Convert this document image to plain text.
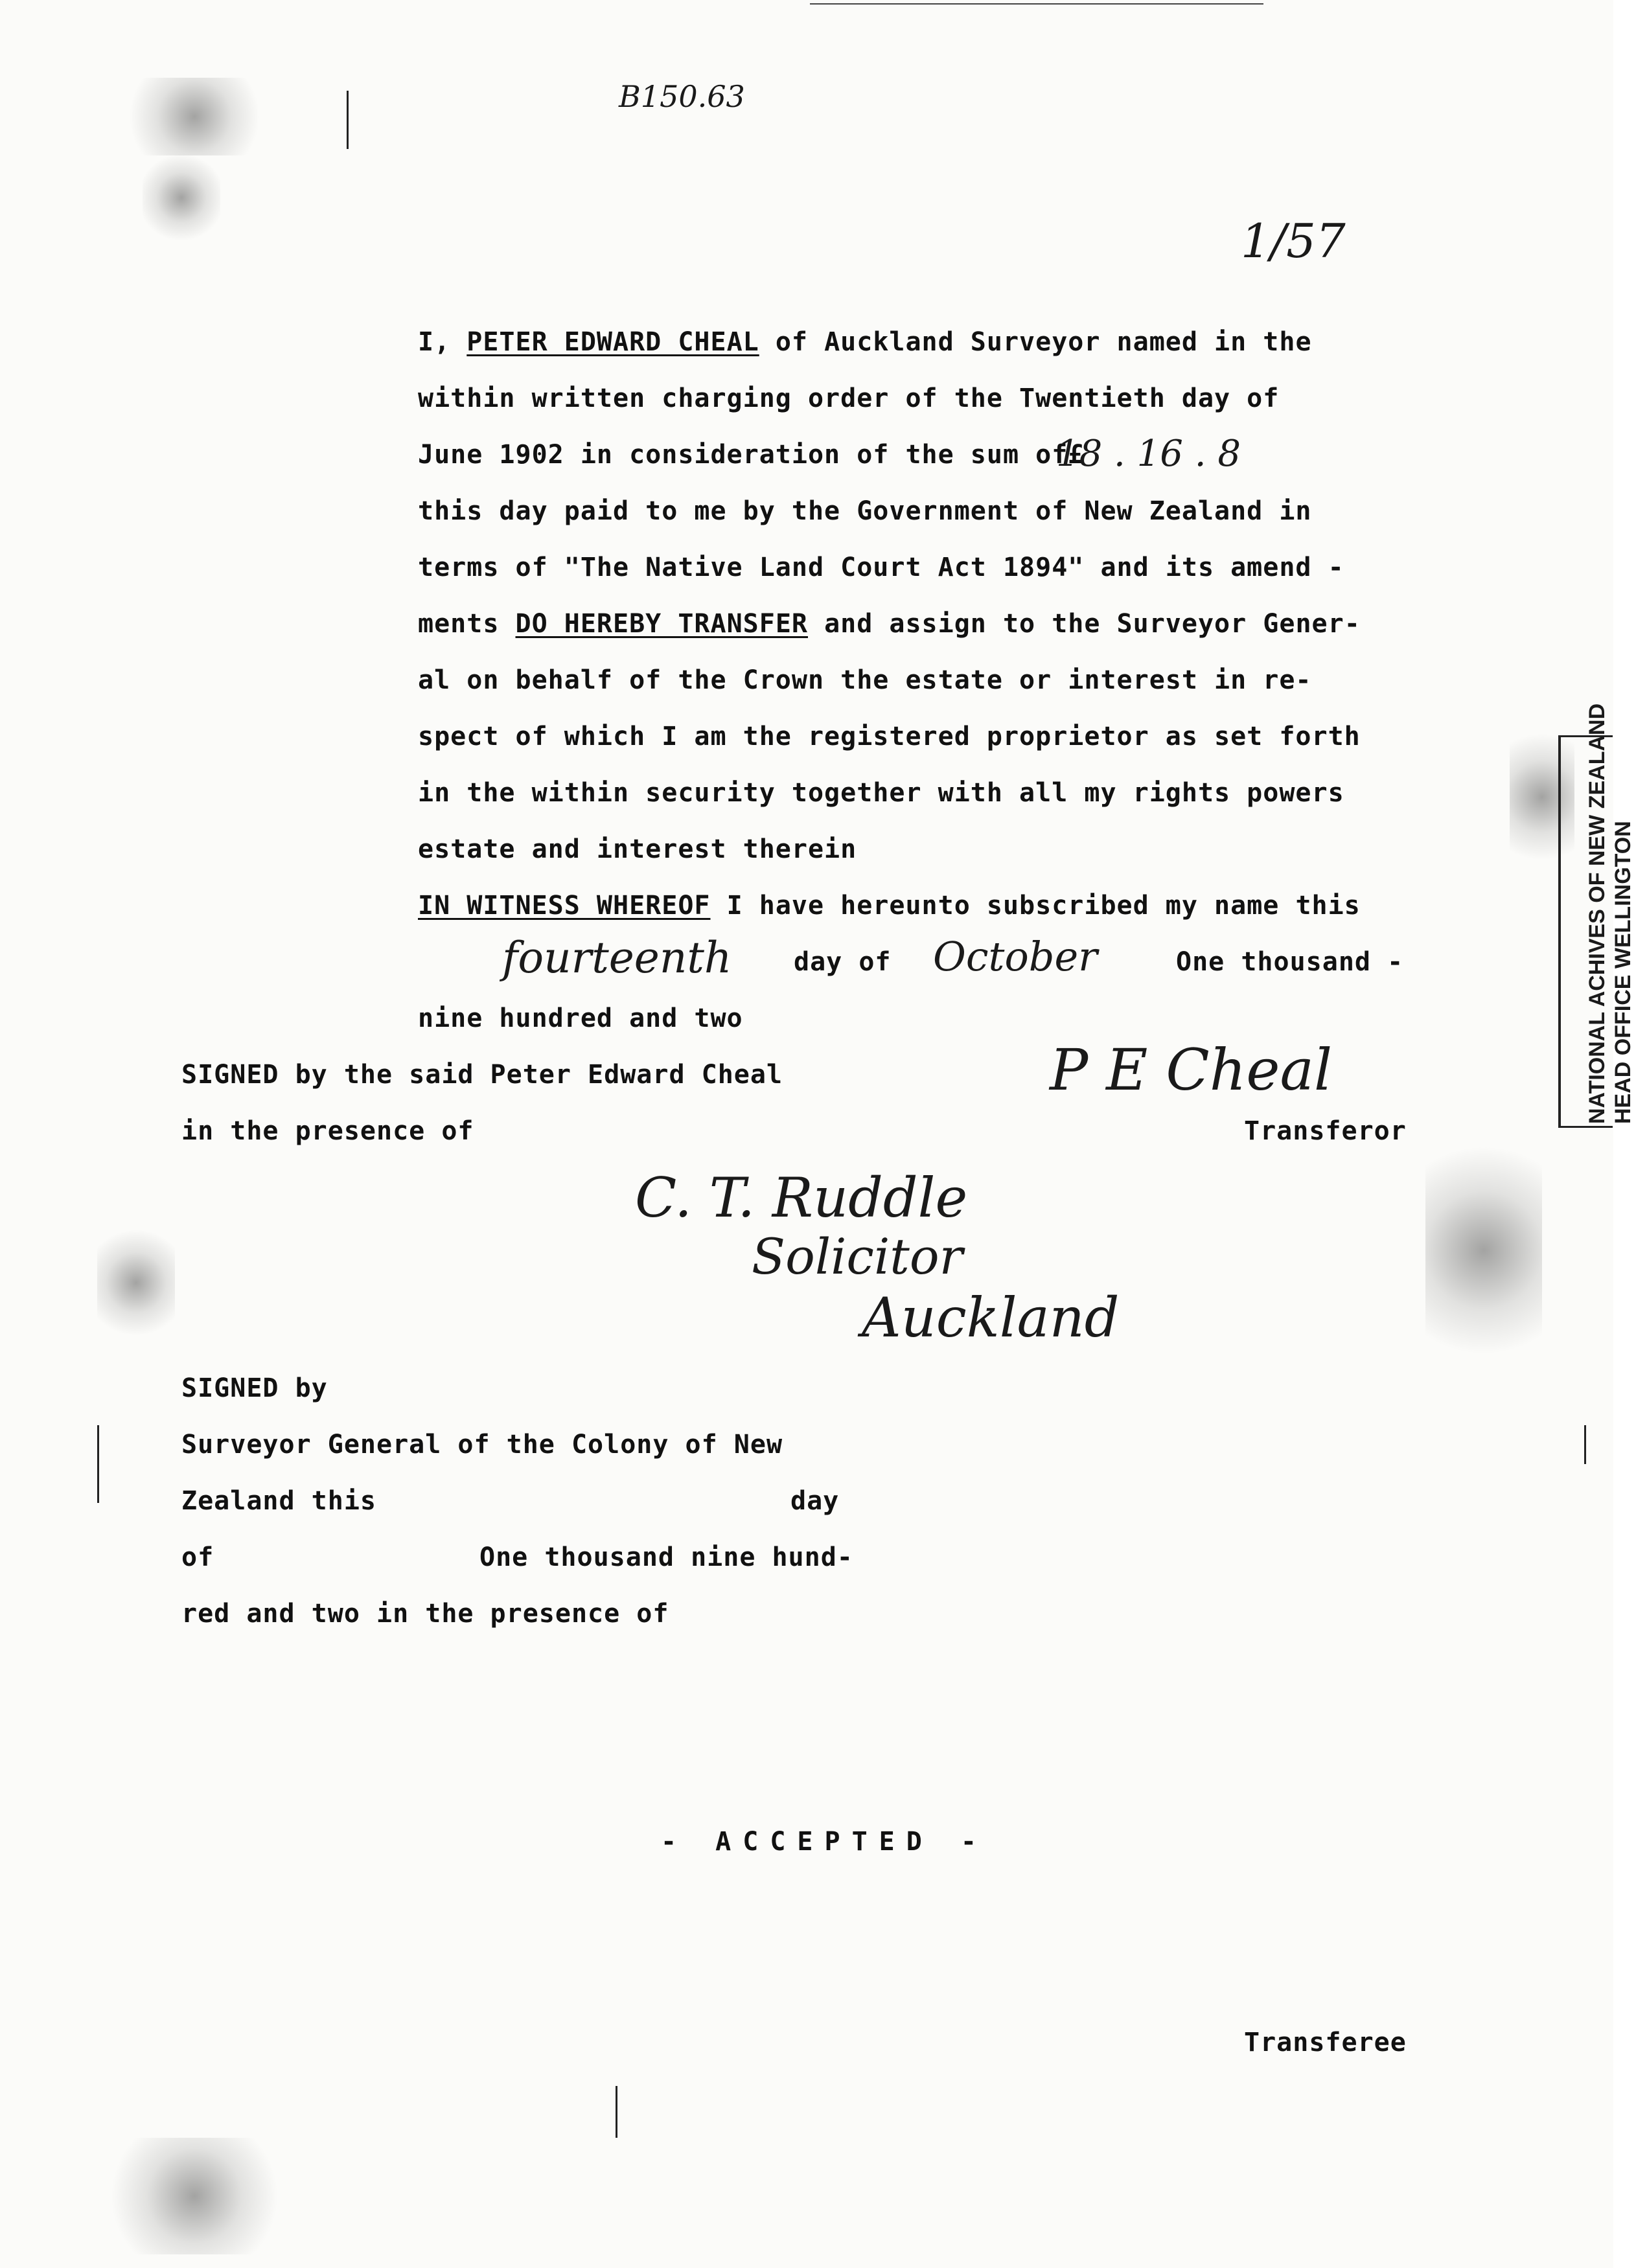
B150.63
1/57
NATIONAL ACHIVES OF NEW ZEALAND HEAD OFFICE WELLINGTON
I, PETER EDWARD CHEAL of Auckland Surveyor named in the
within written charging order of the Twentieth day of
June 1902 in consideration of the sum of£
18 . 16 . 8
this day paid to me by the Government of New Zealand in
terms of "The Native Land Court Act 1894" and its amend -
ments DO HEREBY TRANSFER and assign to the Surveyor Gener-
al on behalf of the Crown the estate or interest in re-
spect of which I am the registered proprietor as set forth
in the within security together with all my rights powers
estate and interest therein
IN WITNESS WHEREOF I have hereunto subscribed my name this
fourteenth day of October	One thousand -
nine hundred and two
SIGNED by the said Peter Edward Cheal
in the presence of
P E Cheal
Transferor
C. T. Ruddle
Solicitor
Auckland
SIGNED by
Surveyor General of the Colony of New
Zealand this	day
of	One thousand nine hund-
red and two in the presence of
- ACCEPTED -
Transferee
